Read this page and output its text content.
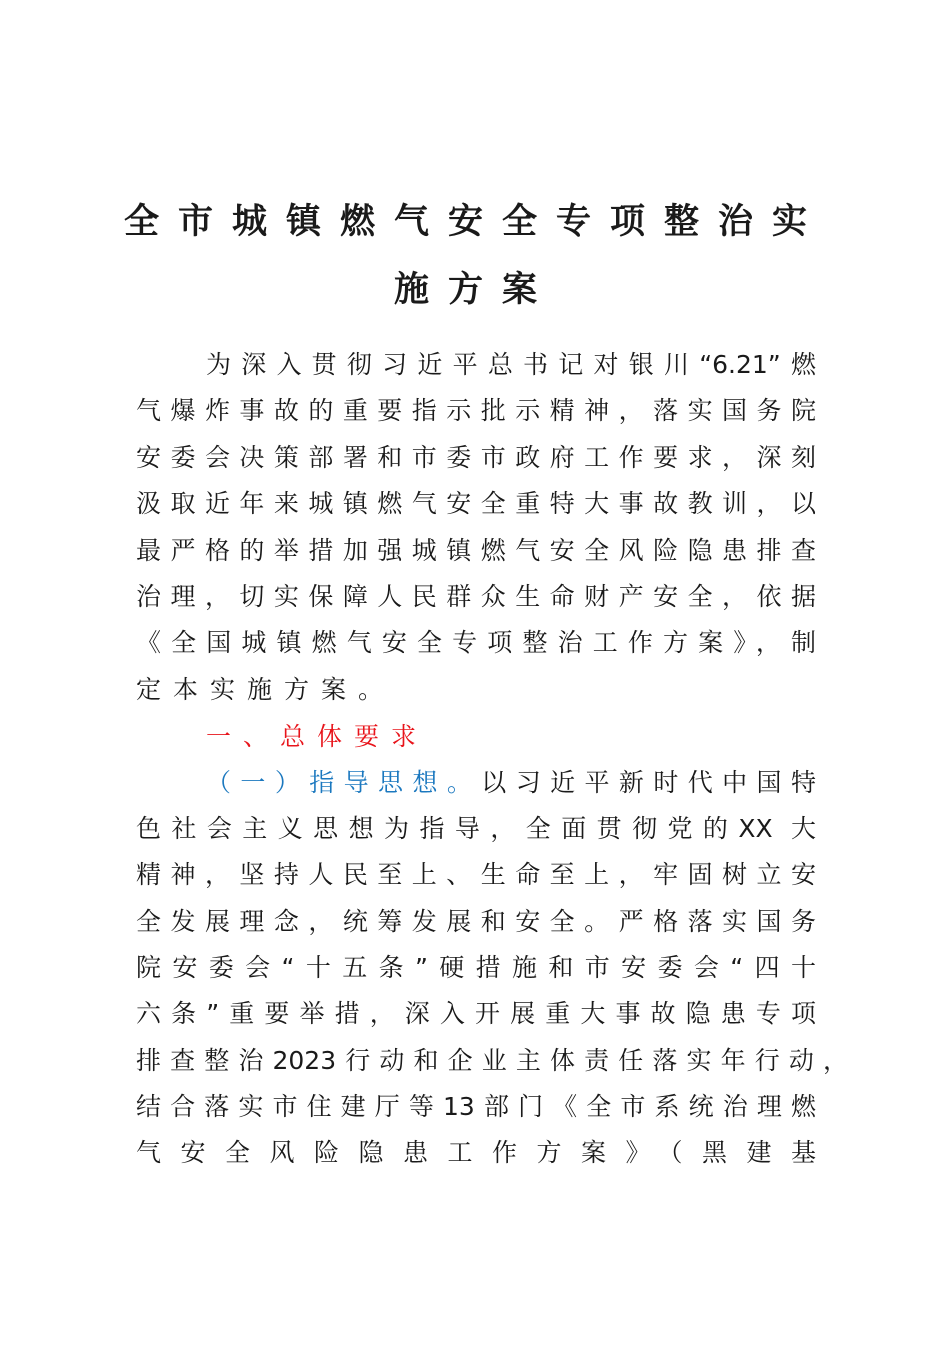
全市城镇燃气安全专项整治实
施方案
为深入贯彻习近平总书记对银川“6.21”燃
气爆炸事故的重要指示批示精神，落实国务院
安委会决策部署和市委市政府工作要求，深刻
汲取近年来城镇燃气安全重特大事故教训，以
最严格的举措加强城镇燃气安全风险隐患排查
治理，切实保障人民群众生命财产安全，依据
《全国城镇燃气安全专项整治工作方案》，制
定本实施方案。
一、总体要求
（一）指导思想。以习近平新时代中国特
色社会主义思想为指导，全面贯彻党的XX 大
精神，坚持人民至上、生命至上，牢固树立安
全发展理念，统筹发展和安全。严格落实国务
院安委会“十五条”硬措施和市安委会“四十
六条”重要举措，深入开展重大事故隐患专项
排查整治2023行动和企业主体责任落实年行动，
结合落实市住建厅等13部门《全市系统治理燃
气安全风险隐患工作方案》（黑建基
